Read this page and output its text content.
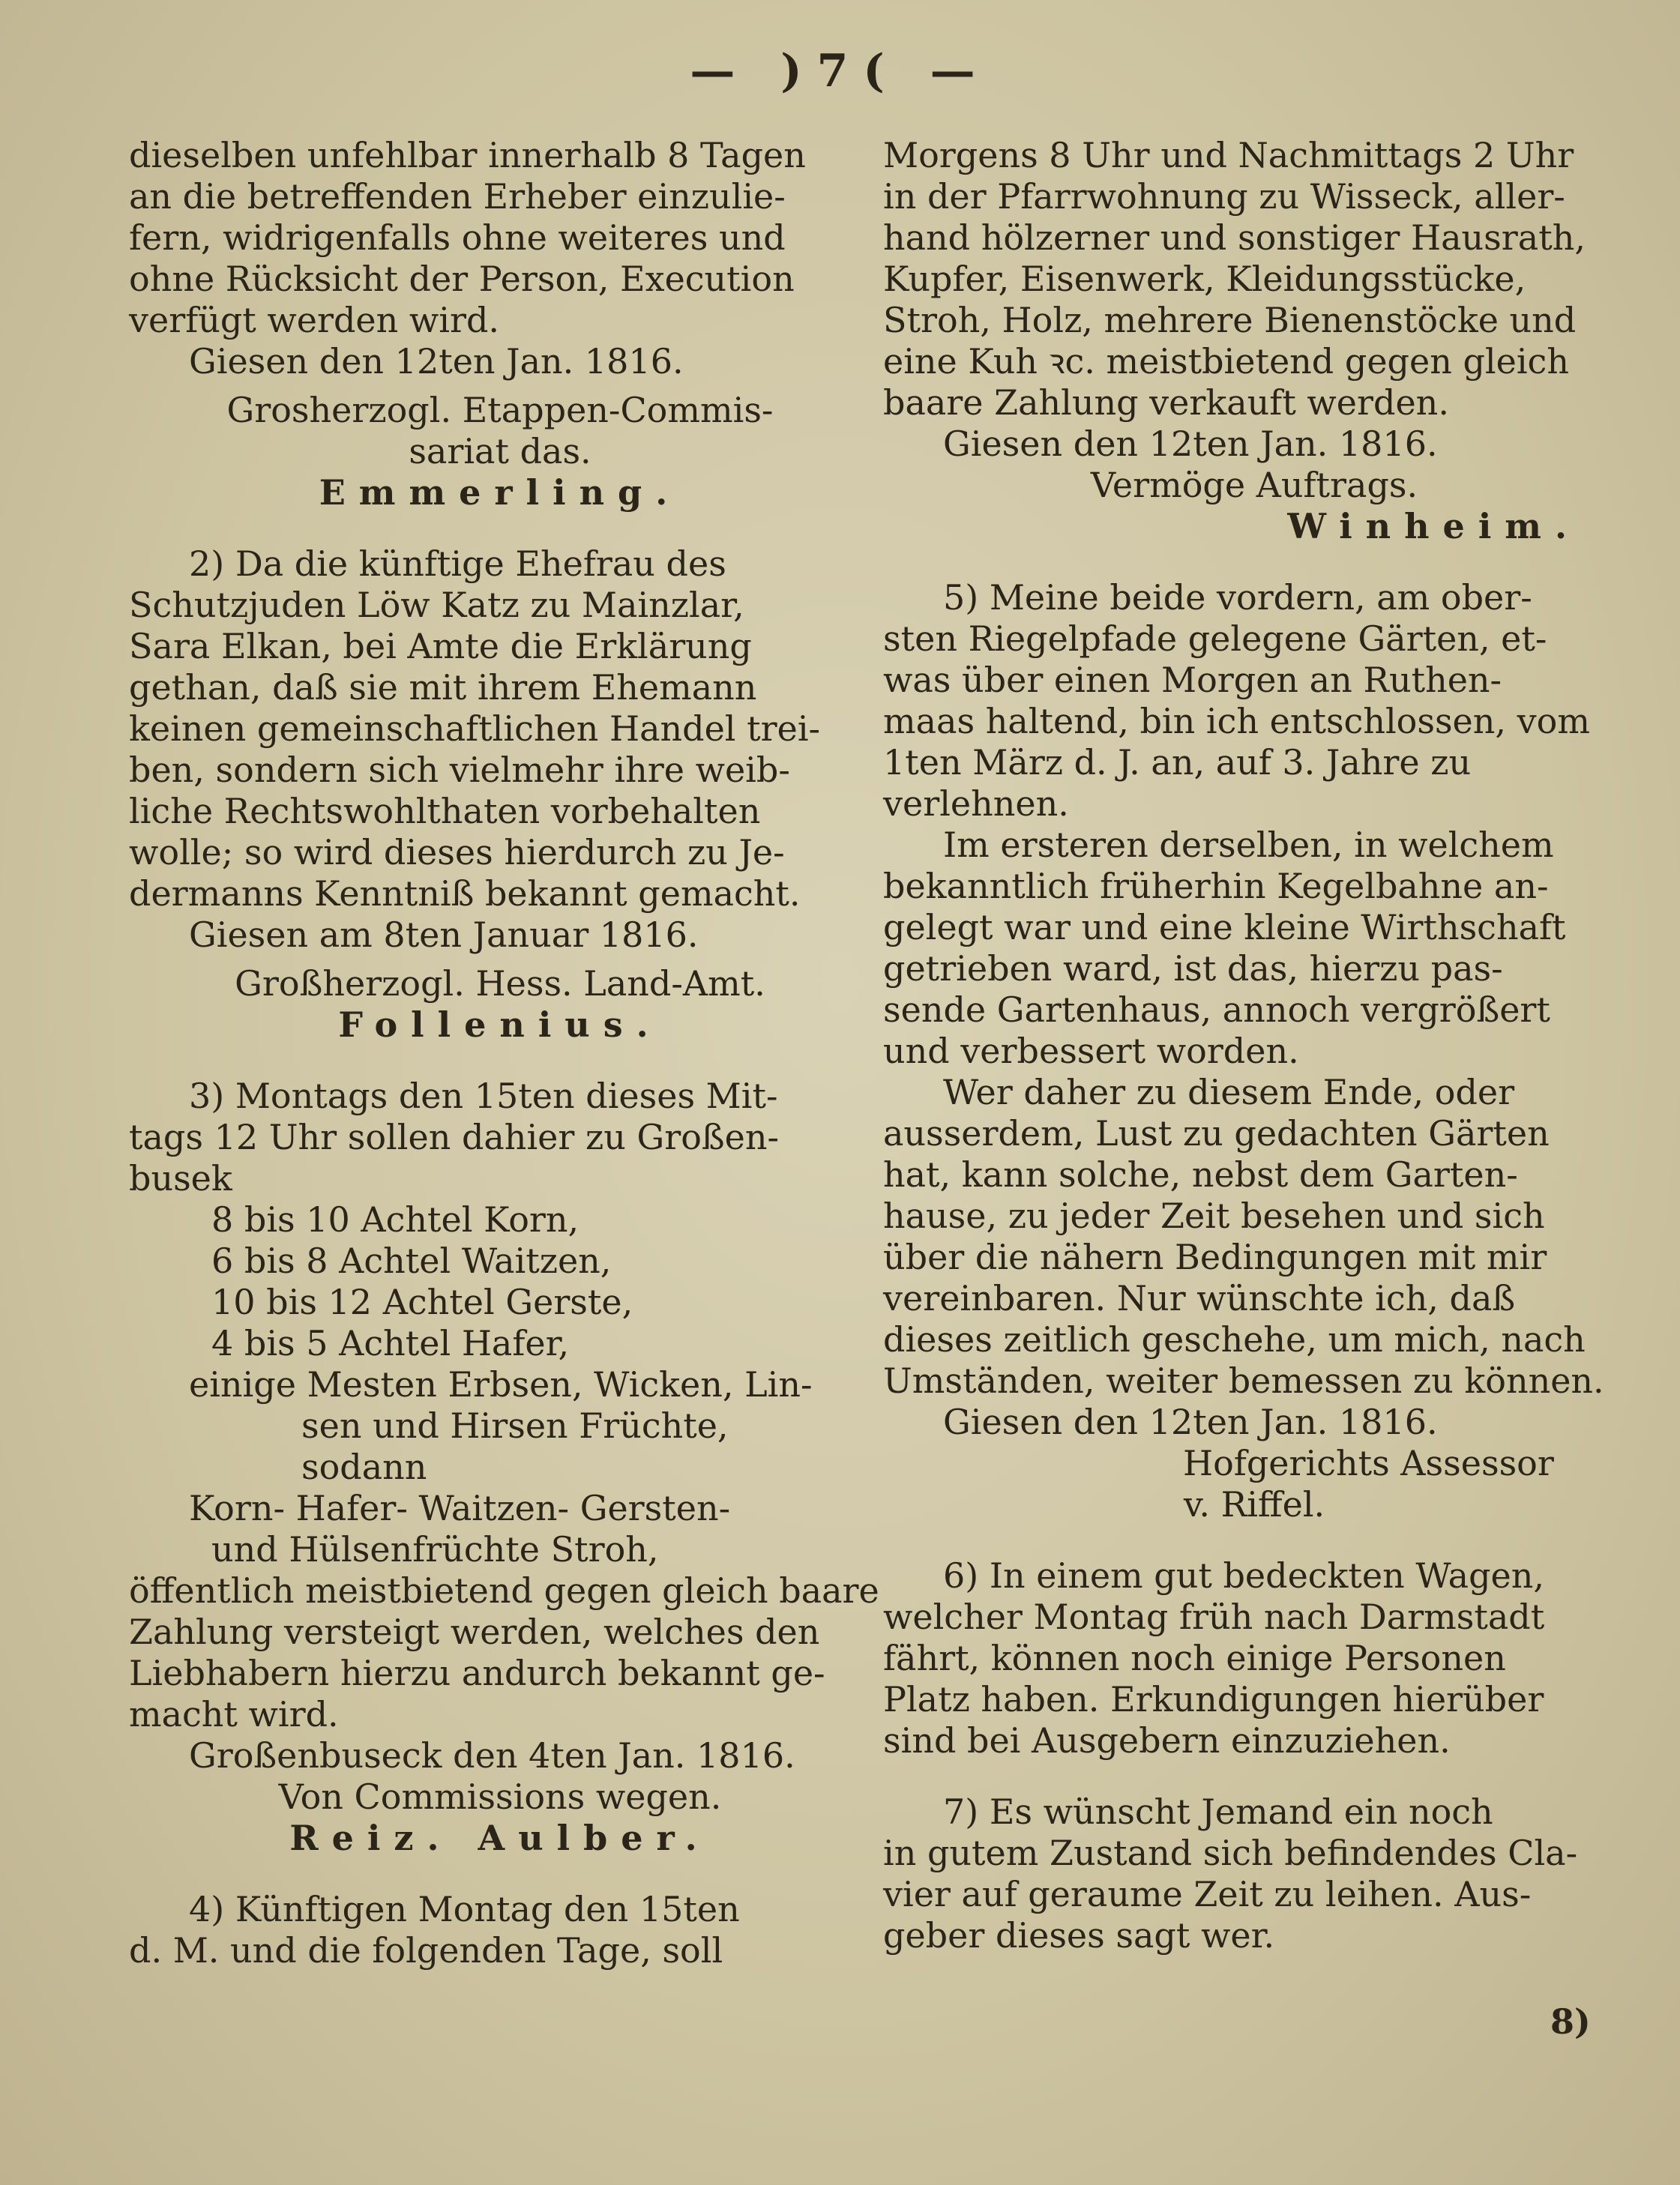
— )7( —
dieselben unfehlbar innerhalb 8 Tagen
an die betreffenden Erheber einzulie-
fern, widrigenfalls ohne weiteres und
ohne Rücksicht der Person, Execution
verfügt werden wird.
Giesen den 12ten Jan. 1816.
Grosherzogl. Etappen-Commis-
sariat das.
Emmerling.
2) Da die künftige Ehefrau des
Schutzjuden Löw Katz zu Mainzlar,
Sara Elkan, bei Amte die Erklärung
gethan, daß sie mit ihrem Ehemann
keinen gemeinschaftlichen Handel trei-
ben, sondern sich vielmehr ihre weib-
liche Rechtswohlthaten vorbehalten
wolle; so wird dieses hierdurch zu Je-
dermanns Kenntniß bekannt gemacht.
Giesen am 8ten Januar 1816.
Großherzogl. Hess. Land-Amt.
Follenius.
3) Montags den 15ten dieses Mit-
tags 12 Uhr sollen dahier zu Großen-
busek
8 bis 10 Achtel Korn,
6 bis 8 Achtel Waitzen,
10 bis 12 Achtel Gerste,
4 bis 5 Achtel Hafer,
einige Mesten Erbsen, Wicken, Lin-
sen und Hirsen Früchte,
sodann
Korn- Hafer- Waitzen- Gersten-
und Hülsenfrüchte Stroh,
öffentlich meistbietend gegen gleich baare
Zahlung versteigt werden, welches den
Liebhabern hierzu andurch bekannt ge-
macht wird.
Großenbuseck den 4ten Jan. 1816.
Von Commissions wegen.
Reiz. Aulber.
4) Künftigen Montag den 15ten
d. M. und die folgenden Tage, soll
Morgens 8 Uhr und Nachmittags 2 Uhr
in der Pfarrwohnung zu Wisseck, aller-
hand hölzerner und sonstiger Hausrath,
Kupfer, Eisenwerk, Kleidungsstücke,
Stroh, Holz, mehrere Bienenstöcke und
eine Kuh ꝛc. meistbietend gegen gleich
baare Zahlung verkauft werden.
Giesen den 12ten Jan. 1816.
Vermöge Auftrags.
Winheim.
5) Meine beide vordern, am ober-
sten Riegelpfade gelegene Gärten, et-
was über einen Morgen an Ruthen-
maas haltend, bin ich entschlossen, vom
1ten März d. J. an, auf 3. Jahre zu
verlehnen.
Im ersteren derselben, in welchem
bekanntlich früherhin Kegelbahne an-
gelegt war und eine kleine Wirthschaft
getrieben ward, ist das, hierzu pas-
sende Gartenhaus, annoch vergrößert
und verbessert worden.
Wer daher zu diesem Ende, oder
ausserdem, Lust zu gedachten Gärten
hat, kann solche, nebst dem Garten-
hause, zu jeder Zeit besehen und sich
über die nähern Bedingungen mit mir
vereinbaren. Nur wünschte ich, daß
dieses zeitlich geschehe, um mich, nach
Umständen, weiter bemessen zu können.
Giesen den 12ten Jan. 1816.
Hofgerichts Assessor
v. Riffel.
6) In einem gut bedeckten Wagen,
welcher Montag früh nach Darmstadt
fährt, können noch einige Personen
Platz haben. Erkundigungen hierüber
sind bei Ausgebern einzuziehen.
7) Es wünscht Jemand ein noch
in gutem Zustand sich befindendes Cla-
vier auf geraume Zeit zu leihen. Aus-
geber dieses sagt wer.
8)
